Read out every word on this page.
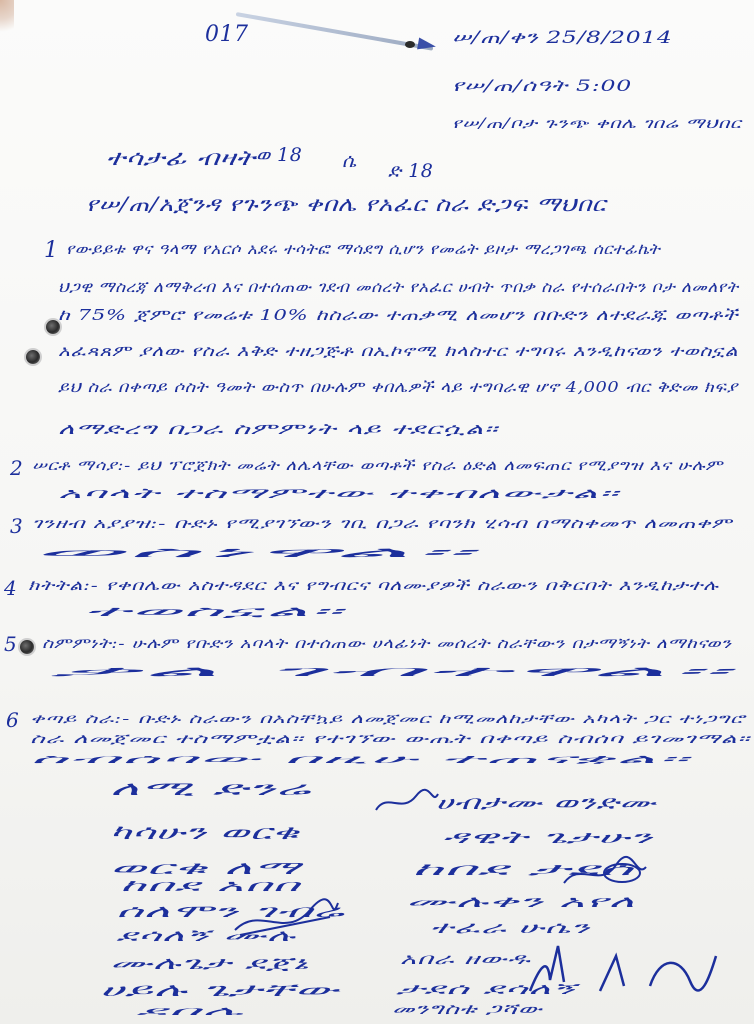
017	ሠ/ጠ/ቀን 25/8/2014
የሠ/ጠ/ሰዓት 5:00
የሠ/ጠ/ቦታ ጉንጭ ቀበሌ ገበሬ ማህበር
ተሳታፊ ብዛት ወ 18 ሴ ድ 18
የሠ/ጠ/አጀንዳ የጉንጭ ቀበሌ የአፈር ስራ ድጋፍ ማህበር
1 የውይይቱ ዋና ዓላማ የአርሶ አደሩ ተሳትፎ ማሳደግ ሲሆን የመሬት ይዞታ ማረጋገጫ ሰርተፊኬት
ህጋዊ ማስረጃ ለማቅረብ እና በተሰጠው ገደብ መሰረት የአፈር ሀብት ጥበቃ ስራ የተሰራበትን ቦታ ለመለየት
ከ 75% ጀምሮ የመሬቱ 10% ከስራው ተጠቃሚ ለመሆን በቡድን ለተደራጁ ወጣቶች
አፈጻጸም ያለው የስራ እቅድ ተዘጋጅቶ በኢኮኖሚ ክላስተር ተግባሩ እንዲከናወን ተወስኗል
ይህ ስራ በቀጣይ ሶስት ዓመት ውስጥ በሁሉም ቀበሌዎች ላይ ተግባራዊ ሆኖ 4,000 ብር ቅድመ ክፍያ
ለማድረግ በጋራ ስምምነት ላይ ተደርሷል።
2 ሠርቶ ማሳያ:- ይህ ፕሮጀክት መሬት ለሌላቸው ወጣቶች የስራ ዕድል ለመፍጠር የሚያግዝ እና ሁሉም
አባላት ተስማምተው ተቀብለውታል።
3 ገንዘብ አያያዝ:- ቡድኑ የሚያገኘውን ገቢ በጋራ የባንክ ሂሳብ በማስቀመጥ ለመጠቀም
ወስነዋል።
4 ክትትል:- የቀበሌው አስተዳደር እና የግብርና ባለሙያዎች ስራውን በቅርበት እንዲከታተሉ
ተወስኗል።
5 ስምምነት:- ሁሉም የቡድን አባላት በተሰጠው ሀላፊነት መሰረት ስራቸውን በታማኝነት ለማከናወን
ቃል ገብተዋል።
6 ቀጣይ ስራ:- ቡድኑ ስራውን በአስቸኳይ ለመጀመር ከሚመለከታቸው አካላት ጋር ተነጋግሮ
ስራ ለመጀመር ተስማምቷል። የተገኘው ውጤት በቀጣይ ስብሰባ ይገመገማል።
ስብሰባው በዚሁ ተጠናቋል።
ለሚ ድንሬ
ካሳሁን ወርቁ
ወርቁ ለማ
ከበደ አበበ
ሰለሞን ገብሬ
ደሳለኝ ሙሉ
ሙሉጌታ ደጀኔ
ሀይሉ ጌታቸው
ደበሌ
ሀብታሙ ወንድሙ
ዳዊት ጌታሁን
ከበደ ታደሰ
ሙሉቀን አየለ
ተፈራ ሁሴን
አበራ ዘውዱ
ታደሰ ደሳለኝ
መንግስቱ ጋሻው
